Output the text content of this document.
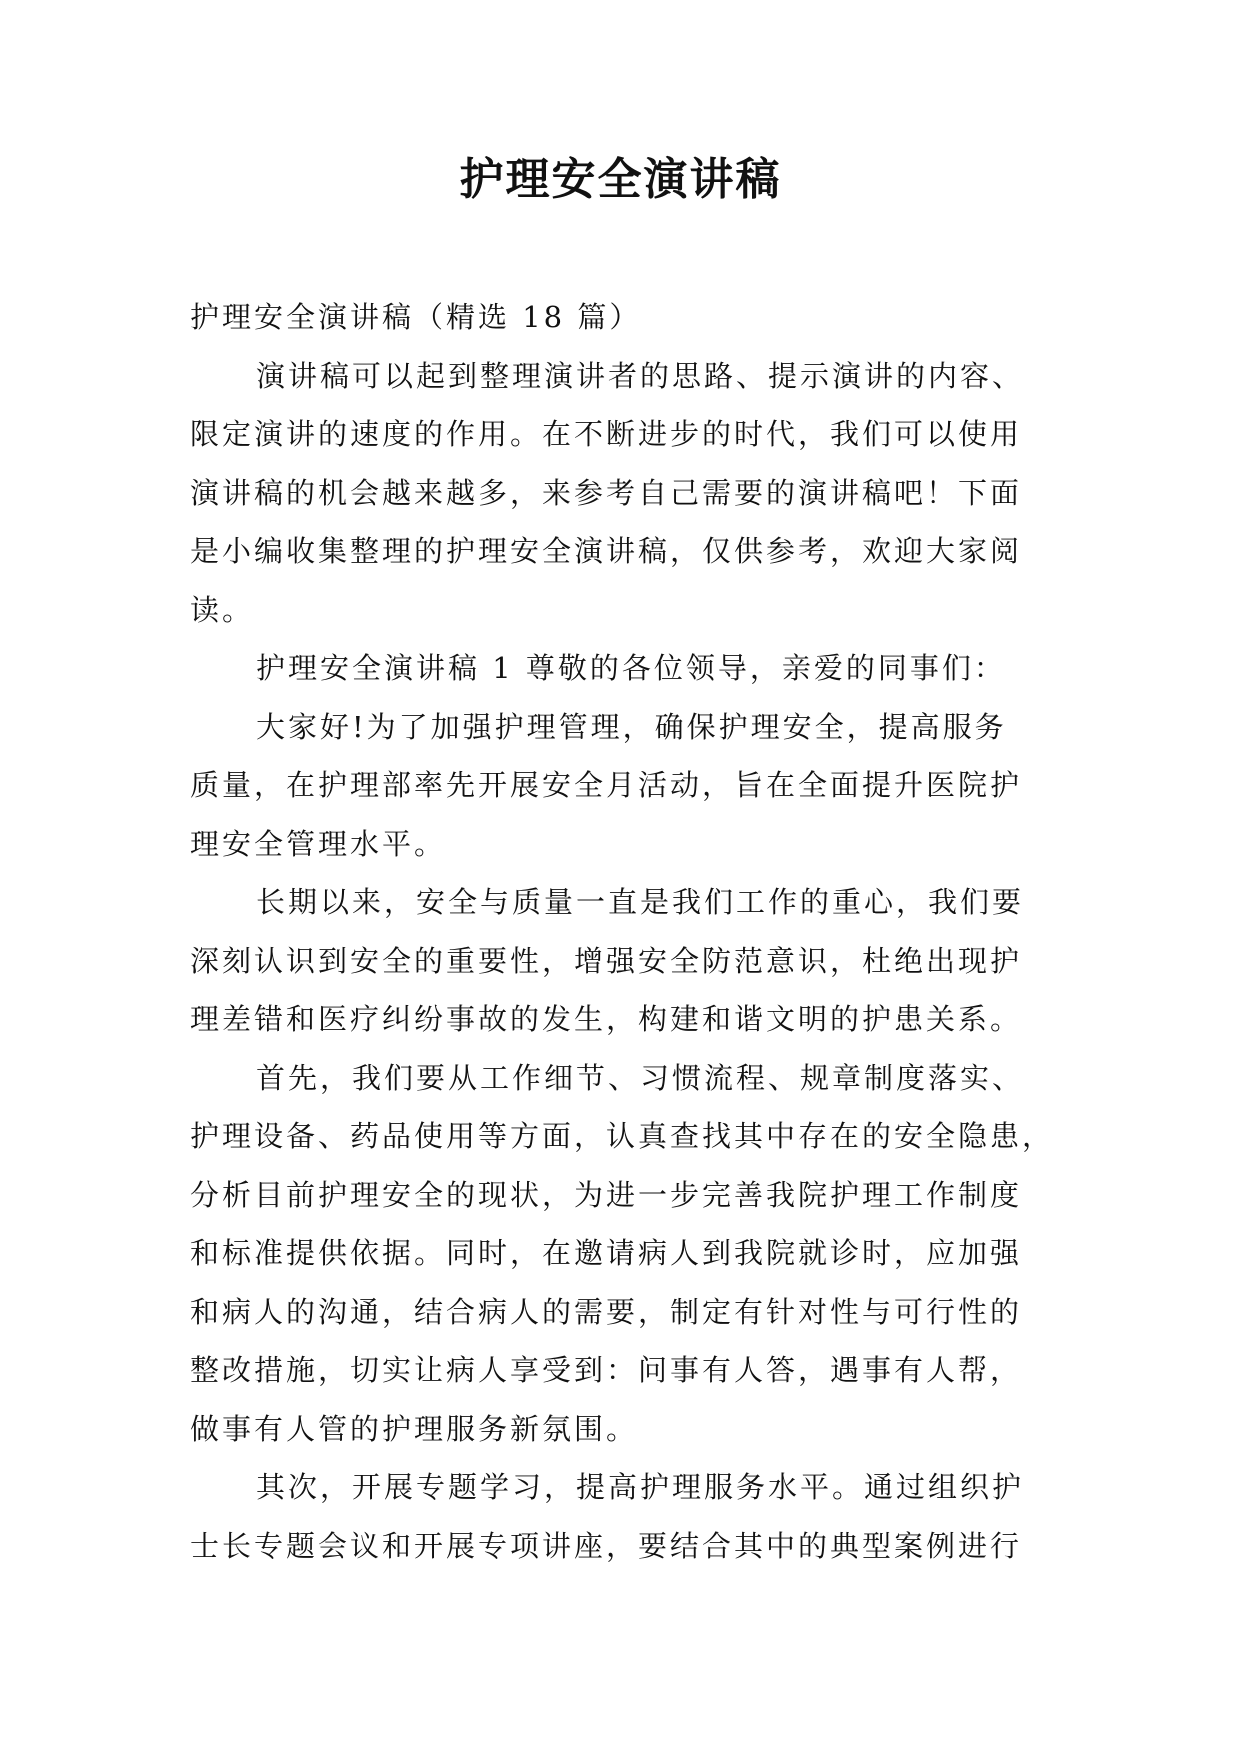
护理安全演讲稿
护理安全演讲稿（精选 18 篇）
演讲稿可以起到整理演讲者的思路、提示演讲的内容、
限定演讲的速度的作用。在不断进步的时代，我们可以使用
演讲稿的机会越来越多，来参考自己需要的演讲稿吧！下面
是小编收集整理的护理安全演讲稿，仅供参考，欢迎大家阅
读。
护理安全演讲稿 1 尊敬的各位领导，亲爱的同事们：
大家好!为了加强护理管理，确保护理安全，提高服务
质量，在护理部率先开展安全月活动，旨在全面提升医院护
理安全管理水平。
长期以来，安全与质量一直是我们工作的重心，我们要
深刻认识到安全的重要性，增强安全防范意识，杜绝出现护
理差错和医疗纠纷事故的发生，构建和谐文明的护患关系。
首先，我们要从工作细节、习惯流程、规章制度落实、
护理设备、药品使用等方面，认真查找其中存在的安全隐患，
分析目前护理安全的现状，为进一步完善我院护理工作制度
和标准提供依据。同时，在邀请病人到我院就诊时，应加强
和病人的沟通，结合病人的需要，制定有针对性与可行性的
整改措施，切实让病人享受到：问事有人答，遇事有人帮，
做事有人管的护理服务新氛围。
其次，开展专题学习，提高护理服务水平。通过组织护
士长专题会议和开展专项讲座，要结合其中的典型案例进行
